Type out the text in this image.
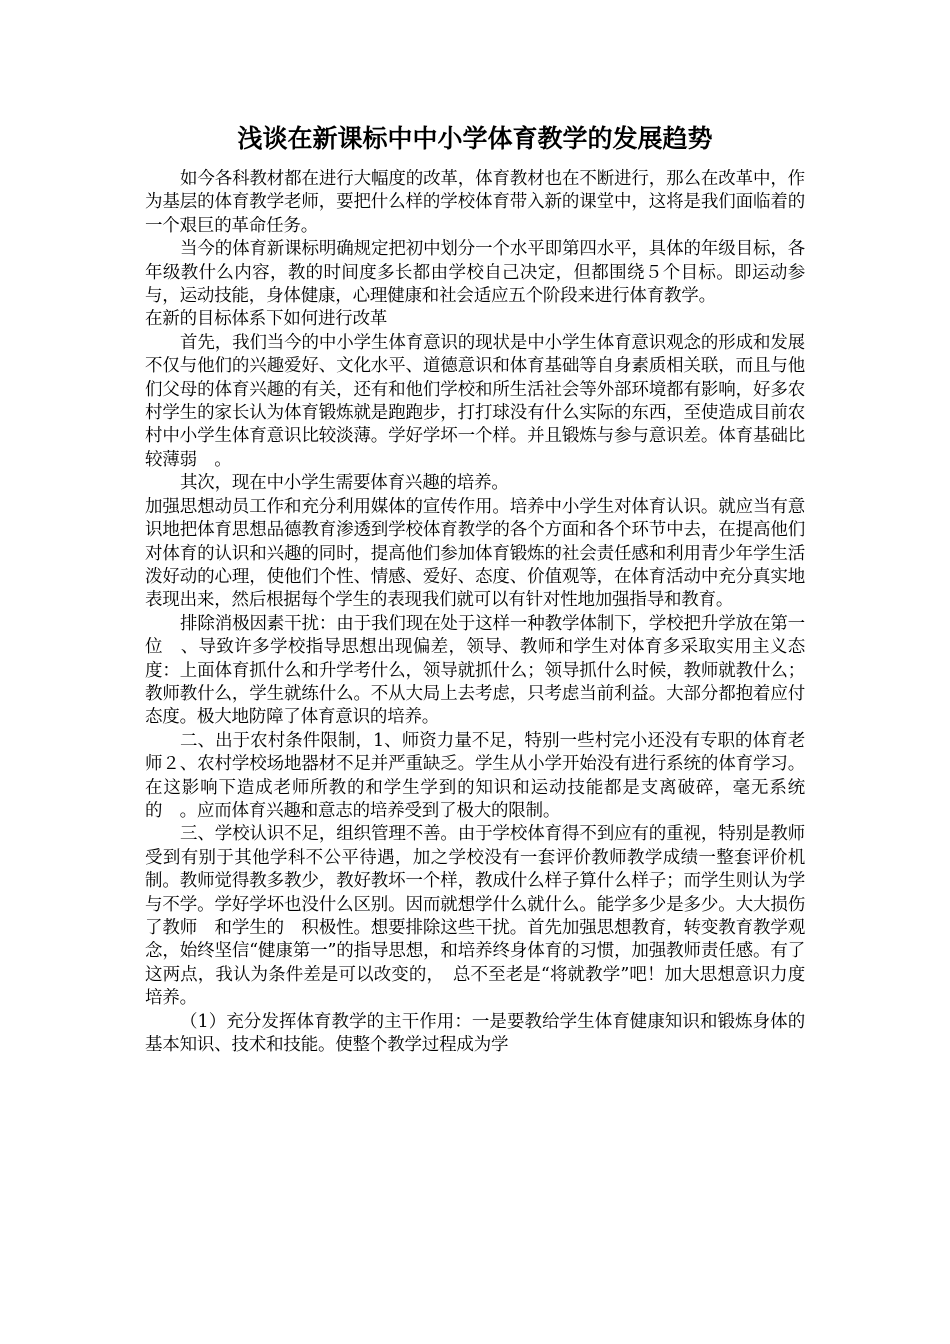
浅谈在新课标中中小学体育教学的发展趋势

如今各科教材都在进行大幅度的改革，体育教材也在不断进行，那么在改革中，作为基层的体育教学老师，要把什么样的学校体育带入新的课堂中，这将是我们面临着的一个艰巨的革命任务。

当今的体育新课标明确规定把初中划分一个水平即第四水平，具体的年级目标，各年级教什么内容，教的时间度多长都由学校自己决定，但都围绕５个目标。即运动参与，运动技能，身体健康，心理健康和社会适应五个阶段来进行体育教学。

在新的目标体系下如何进行改革

首先，我们当今的中小学生体育意识的现状是中小学生体育意识观念的形成和发展不仅与他们的兴趣爱好、文化水平、道德意识和体育基础等自身素质相关联，而且与他们父母的体育兴趣的有关，还有和他们学校和所生活社会等外部环境都有影响，好多农村学生的家长认为体育锻炼就是跑跑步，打打球没有什么实际的东西，至使造成目前农村中小学生体育意识比较淡薄。学好学坏一个样。并且锻炼与参与意识差。体育基础比较薄弱　。

其次，现在中小学生需要体育兴趣的培养。

加强思想动员工作和充分利用媒体的宣传作用。培养中小学生对体育认识。就应当有意识地把体育思想品德教育渗透到学校体育教学的各个方面和各个环节中去，在提高他们对体育的认识和兴趣的同时，提高他们参加体育锻炼的社会责任感和利用青少年学生活泼好动的心理，使他们个性、情感、爱好、态度、价值观等，在体育活动中充分真实地表现出来，然后根据每个学生的表现我们就可以有针对性地加强指导和教育。

排除消极因素干扰：由于我们现在处于这样一种教学体制下，学校把升学放在第一位　、导致许多学校指导思想出现偏差，领导、教师和学生对体育多采取实用主义态度：上面体育抓什么和升学考什么，领导就抓什么；领导抓什么时候，教师就教什么；教师教什么，学生就练什么。不从大局上去考虑，只考虑当前利益。大部分都抱着应付态度。极大地防障了体育意识的培养。

二、出于农村条件限制，1、师资力量不足，特别一些村完小还没有专职的体育老师２、农村学校场地器材不足并严重缺乏。学生从小学开始没有进行系统的体育学习。在这影响下造成老师所教的和学生学到的知识和运动技能都是支离破碎，毫无系统的　。应而体育兴趣和意志的培养受到了极大的限制。

三、学校认识不足，组织管理不善。由于学校体育得不到应有的重视，特别是教师受到有别于其他学科不公平待遇，加之学校没有一套评价教师教学成绩一整套评价机制。教师觉得教多教少，教好教坏一个样，教成什么样子算什么样子；而学生则认为学与不学。学好学坏也没什么区别。因而就想学什么就什么。能学多少是多少。大大损伤了教师　和学生的　积极性。想要排除这些干扰。首先加强思想教育，转变教育教学观念，始终坚信“健康第一”的指导思想，和培养终身体育的习惯，加强教师责任感。有了这两点，我认为条件差是可以改变的，　总不至老是“将就教学”吧！加大思想意识力度培养。

（1）充分发挥体育教学的主干作用：一是要教给学生体育健康知识和锻炼身体的基本知识、技术和技能。使整个教学过程成为学
